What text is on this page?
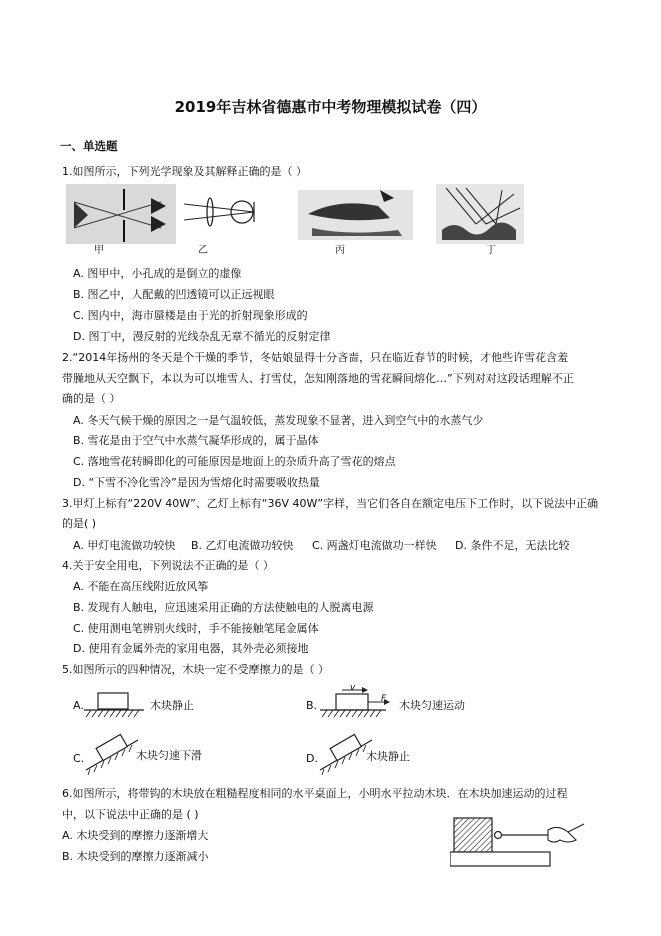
2019年吉林省德惠市中考物理模拟试卷（四）
一、单选题
1.如图所示，下列光学现象及其解释正确的是（ ）
甲	乙	丙	丁
A. 图甲中，小孔成的是倒立的虚像
B. 图乙中，人配戴的凹透镜可以正远视眼
C. 图内中，海市蜃楼是由于光的折射现象形成的
D. 图丁中，漫反射的光线杂乱无章不循光的反射定律
2.“2014年扬州的冬天是个干燥的季节，冬姑娘显得十分吝啬，只在临近春节的时候，才他些许雪花含羞
带臊地从天空飘下，本以为可以堆雪人、打雪仗，怎知刚落地的雪花瞬间熔化…”下列对对这段话理解不正
确的是（ ）
A. 冬天气候干燥的原因之一是气温较低，蒸发现象不显著，进入到空气中的水蒸气少
B. 雪花是由于空气中水蒸气凝华形成的，属于晶体
C. 落地雪花转瞬即化的可能原因是地面上的杂质升高了雪花的熔点
D. “下雪不冷化雪冷”是因为雪熔化时需要吸收热量
3.甲灯上标有“220V 40W”、乙灯上标有“36V 40W”字样，当它们各自在额定电压下工作时，以下说法中正确
的是( )
A. 甲灯电流做功较快 B. 乙灯电流做功较快 C. 两盏灯电流做功一样快 D. 条件不足，无法比较
4.关于安全用电，下列说法不正确的是（ ）
A. 不能在高压线附近放风筝
B. 发现有人触电，应迅速采用正确的方法使触电的人脱离电源
C. 使用测电笔辨别火线时，手不能接触笔尾金属体
D. 使用有金属外壳的家用电器，其外壳必须接地
5.如图所示的四种情况，木块一定不受摩擦力的是（ ）
A.	木块静止	B.
v
F 木块匀速运动
C.	木块匀速下滑	D.	木块静止
6.如图所示，将带钩的木块放在粗糙程度相同的水平桌面上，小明水平拉动木块．在木块加速运动的过程
中，以下说法中正确的是 ( )
A. 木块受到的摩擦力逐渐增大
B. 木块受到的摩擦力逐渐减小
